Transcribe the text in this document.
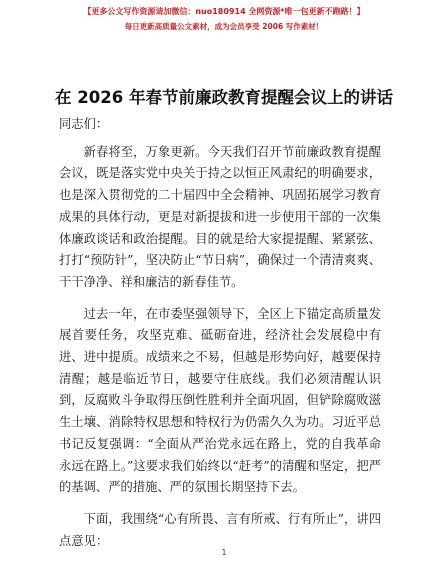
【更多公文写作资源请加微信：nuo180914 全网资源*唯一包更新不跑路！】
每日更新高质量公文素材，成为会员享受 2006 写作素材！
在 2026 年春节前廉政教育提醒会议上的讲话

同志们：

新春将至，万象更新。今天我们召开节前廉政教育提醒会议，既是落实党中央关于持之以恒正风肃纪的明确要求，也是深入贯彻党的二十届四中全会精神、巩固拓展学习教育成果的具体行动，更是对新提拔和进一步使用干部的一次集体廉政谈话和政治提醒。目的就是给大家提提醒、紧紧弦、打打“预防针”，坚决防止“节日病”，确保过一个清清爽爽、干干净净、祥和廉洁的新春佳节。

过去一年，在市委坚强领导下，全区上下锚定高质量发展首要任务，攻坚克难、砥砺奋进，经济社会发展稳中有进、进中提质。成绩来之不易，但越是形势向好，越要保持清醒；越是临近节日，越要守住底线。我们必须清醒认识到，反腐败斗争取得压倒性胜利并全面巩固，但铲除腐败滋生土壤、消除特权思想和特权行为仍需久久为功。习近平总书记反复强调：“全面从严治党永远在路上，党的自我革命永远在路上。”这要求我们始终以“赶考”的清醒和坚定，把严的基调、严的措施、严的氛围长期坚持下去。

下面，我围绕“心有所畏、言有所戒、行有所止”，讲四点意见：

1
